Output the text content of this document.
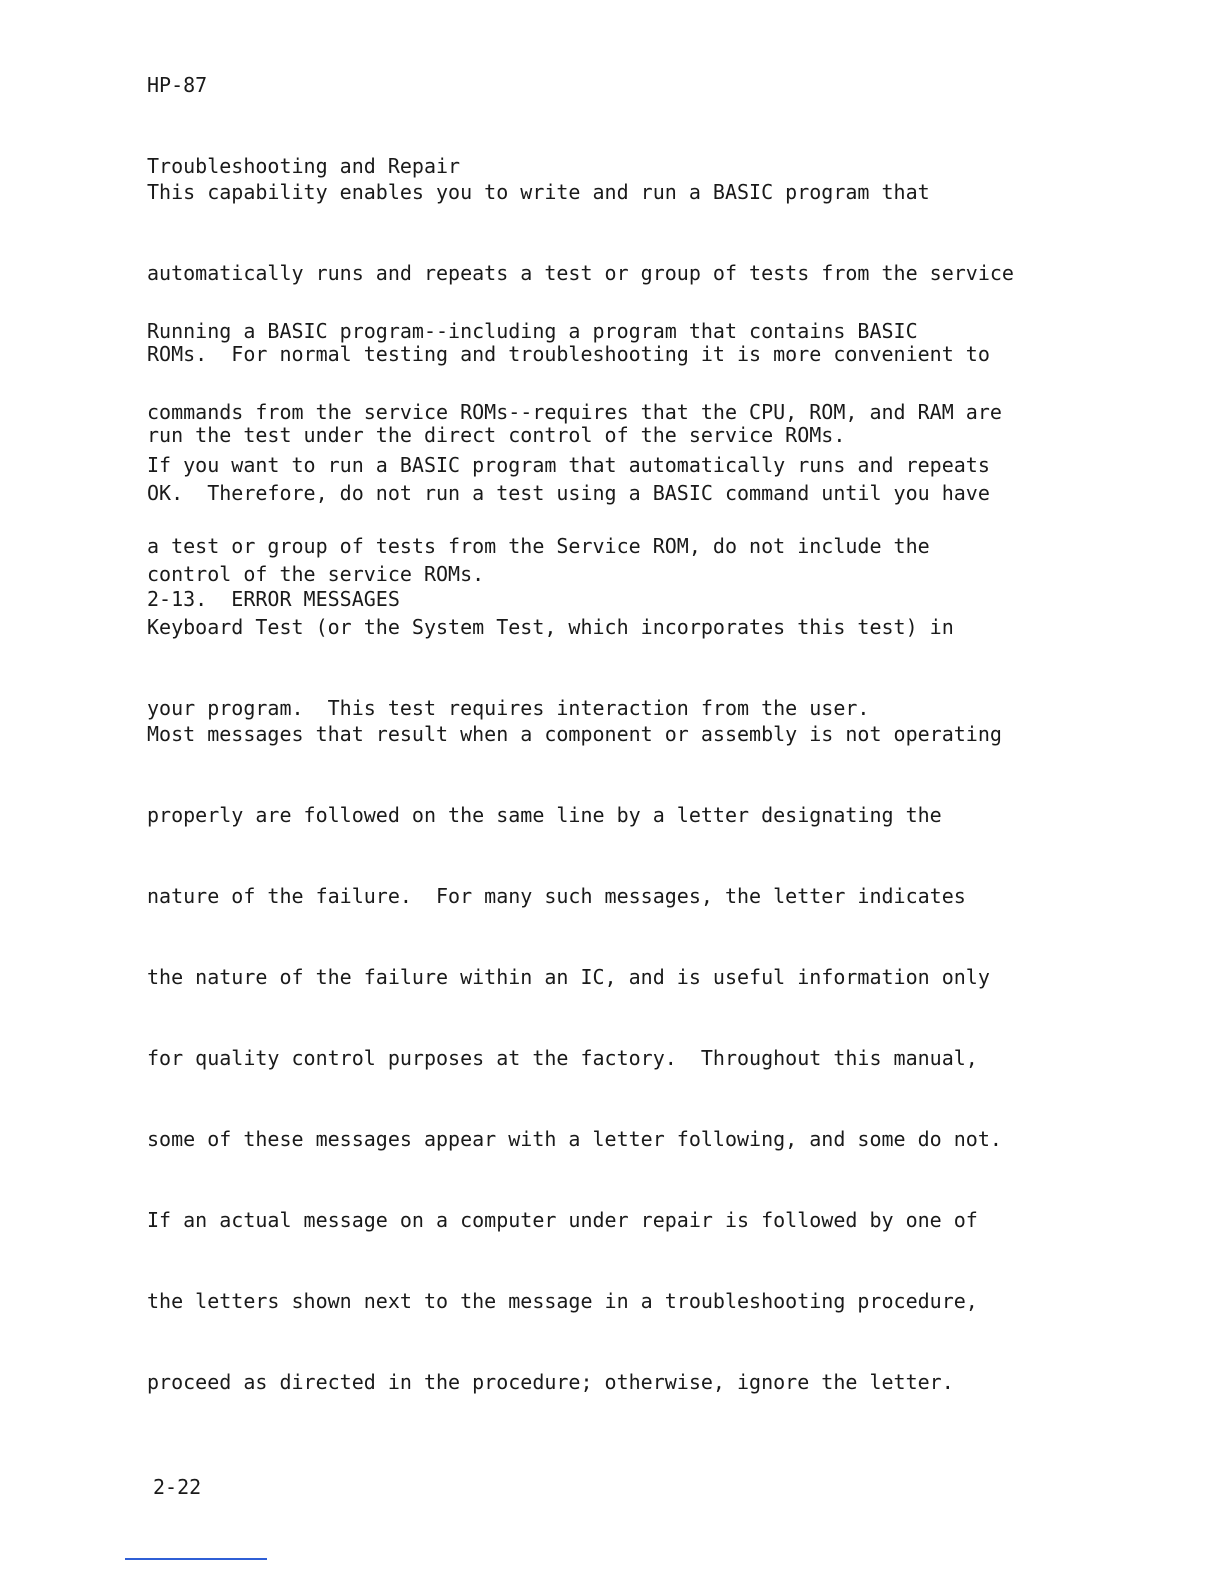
HP-87

Troubleshooting and Repair

This capability enables you to write and run a BASIC program that

automatically runs and repeats a test or group of tests from the service

ROMs.  For normal testing and troubleshooting it is more convenient to

run the test under the direct control of the service ROMs.

Running a BASIC program--including a program that contains BASIC

commands from the service ROMs--requires that the CPU, ROM, and RAM are

OK.  Therefore, do not run a test using a BASIC command until you have

control of the service ROMs.

If you want to run a BASIC program that automatically runs and repeats

a test or group of tests from the Service ROM, do not include the

Keyboard Test (or the System Test, which incorporates this test) in

your program.  This test requires interaction from the user.

2-13.  ERROR MESSAGES

Most messages that result when a component or assembly is not operating

properly are followed on the same line by a letter designating the

nature of the failure.  For many such messages, the letter indicates

the nature of the failure within an IC, and is useful information only

for quality control purposes at the factory.  Throughout this manual,

some of these messages appear with a letter following, and some do not.

If an actual message on a computer under repair is followed by one of

the letters shown next to the message in a troubleshooting procedure,

proceed as directed in the procedure; otherwise, ignore the letter.

2-22
